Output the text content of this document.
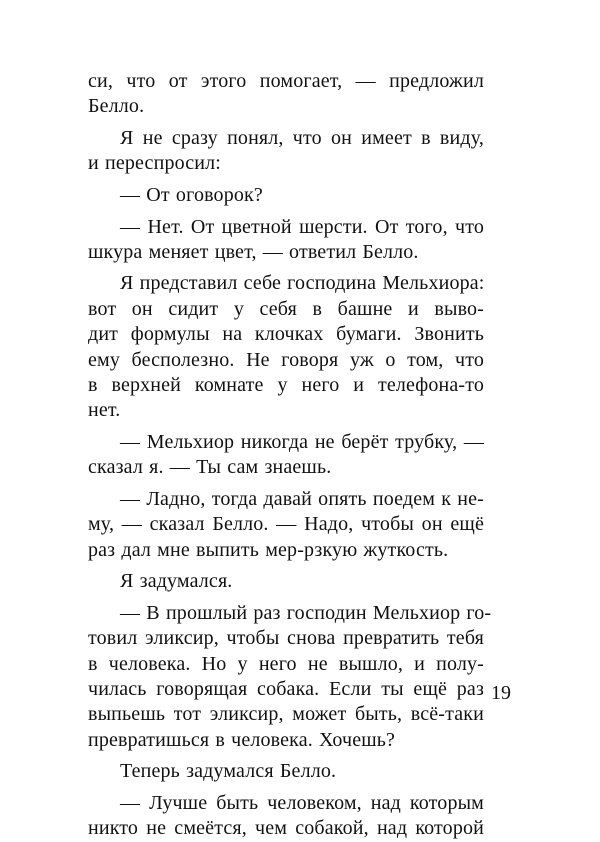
си, что от этого помогает, — предложил
Белло.
Я не сразу понял, что он имеет в виду,
и переспросил:
— От оговорок?
— Нет. От цветной шерсти. От того, что
шкура меняет цвет, — ответил Белло.
Я представил себе господина Мельхиора:
вот он сидит у себя в башне и выво-
дит формулы на клочках бумаги. Звонить
ему бесполезно. Не говоря уж о том, что
в верхней комнате у него и телефона-то
нет.
— Мельхиор никогда не берёт трубку, —
сказал я. — Ты сам знаешь.
— Ладно, тогда давай опять поедем к не-
му, — сказал Белло. — Надо, чтобы он ещё
раз дал мне выпить мер-рзкую жуткость.
Я задумался.
— В прошлый раз господин Мельхиор го-
товил эликсир, чтобы снова превратить тебя
в человека. Но у него не вышло, и полу-
чилась говорящая собака. Если ты ещё раз
выпьешь тот эликсир, может быть, всё-таки
превратишься в человека. Хочешь?
Теперь задумался Белло.
— Лучше быть человеком, над которым
никто не смеётся, чем собакой, над которой
19
